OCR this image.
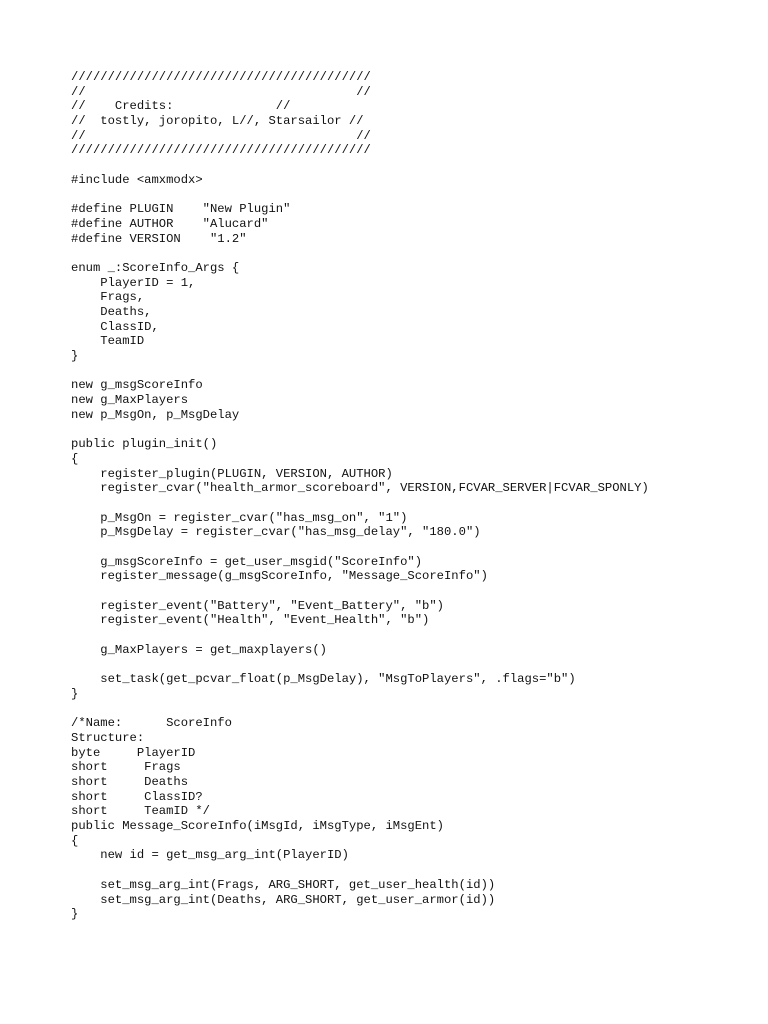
/////////////////////////////////////////
//                                     //
//    Credits:              //
//  tostly, joropito, L//, Starsailor //
//                                     //
/////////////////////////////////////////
#include <amxmodx>
#define PLUGIN    "New Plugin"
#define AUTHOR    "Alucard"
#define VERSION    "1.2"
enum _:ScoreInfo_Args {
PlayerID = 1,
Frags,
Deaths,
ClassID,
TeamID
}
new g_msgScoreInfo
new g_MaxPlayers
new p_MsgOn, p_MsgDelay
public plugin_init()
{
register_plugin(PLUGIN, VERSION, AUTHOR)
register_cvar("health_armor_scoreboard", VERSION,FCVAR_SERVER|FCVAR_SPONLY)
p_MsgOn = register_cvar("has_msg_on", "1")
p_MsgDelay = register_cvar("has_msg_delay", "180.0")
g_msgScoreInfo = get_user_msgid("ScoreInfo")
register_message(g_msgScoreInfo, "Message_ScoreInfo")
register_event("Battery", "Event_Battery", "b")
register_event("Health", "Event_Health", "b")
g_MaxPlayers = get_maxplayers()
set_task(get_pcvar_float(p_MsgDelay), "MsgToPlayers", .flags="b")
}
/*Name:      ScoreInfo
Structure:
byte     PlayerID
short     Frags
short     Deaths
short     ClassID?
short     TeamID */
public Message_ScoreInfo(iMsgId, iMsgType, iMsgEnt)
{
new id = get_msg_arg_int(PlayerID)
set_msg_arg_int(Frags, ARG_SHORT, get_user_health(id))
set_msg_arg_int(Deaths, ARG_SHORT, get_user_armor(id))
}
